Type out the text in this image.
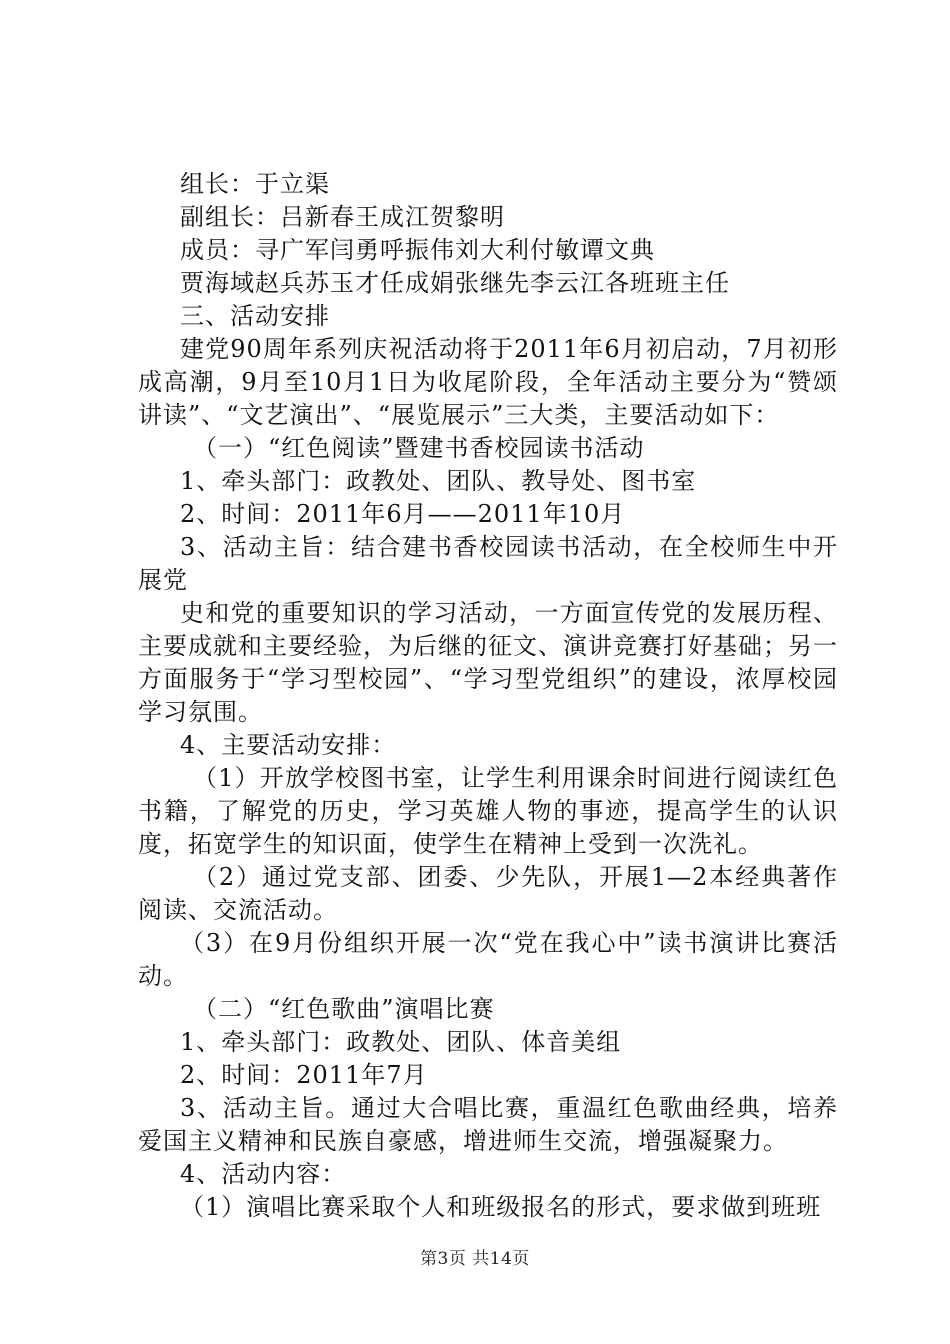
组长：于立渠

副组长：吕新春王成江贺黎明

成员：寻广军闫勇呼振伟刘大利付敏谭文典

贾海域赵兵苏玉才任成娟张继先李云江各班班主任

三、活动安排

建党90周年系列庆祝活动将于2011年6月初启动，7月初形成高潮，9月至10月1日为收尾阶段，全年活动主要分为“赞颂讲读”、“文艺演出”、“展览展示”三大类，主要活动如下：

（一）“红色阅读”暨建书香校园读书活动

1、牵头部门：政教处、团队、教导处、图书室

2、时间：2011年6月——2011年10月

3、活动主旨：结合建书香校园读书活动，在全校师生中开展党

史和党的重要知识的学习活动，一方面宣传党的发展历程、主要成就和主要经验，为后继的征文、演讲竞赛打好基础；另一方面服务于“学习型校园”、“学习型党组织”的建设，浓厚校园学习氛围。

4、主要活动安排：

（1）开放学校图书室，让学生利用课余时间进行阅读红色书籍，了解党的历史，学习英雄人物的事迹，提高学生的认识度，拓宽学生的知识面，使学生在精神上受到一次洗礼。

（2）通过党支部、团委、少先队，开展1—2本经典著作阅读、交流活动。

（3）在9月份组织开展一次“党在我心中”读书演讲比赛活动。

（二）“红色歌曲”演唱比赛

1、牵头部门：政教处、团队、体音美组

2、时间：2011年7月

3、活动主旨。通过大合唱比赛，重温红色歌曲经典，培养爱国主义精神和民族自豪感，增进师生交流，增强凝聚力。

4、活动内容：

（1）演唱比赛采取个人和班级报名的形式，要求做到班班

第3页 共14页
